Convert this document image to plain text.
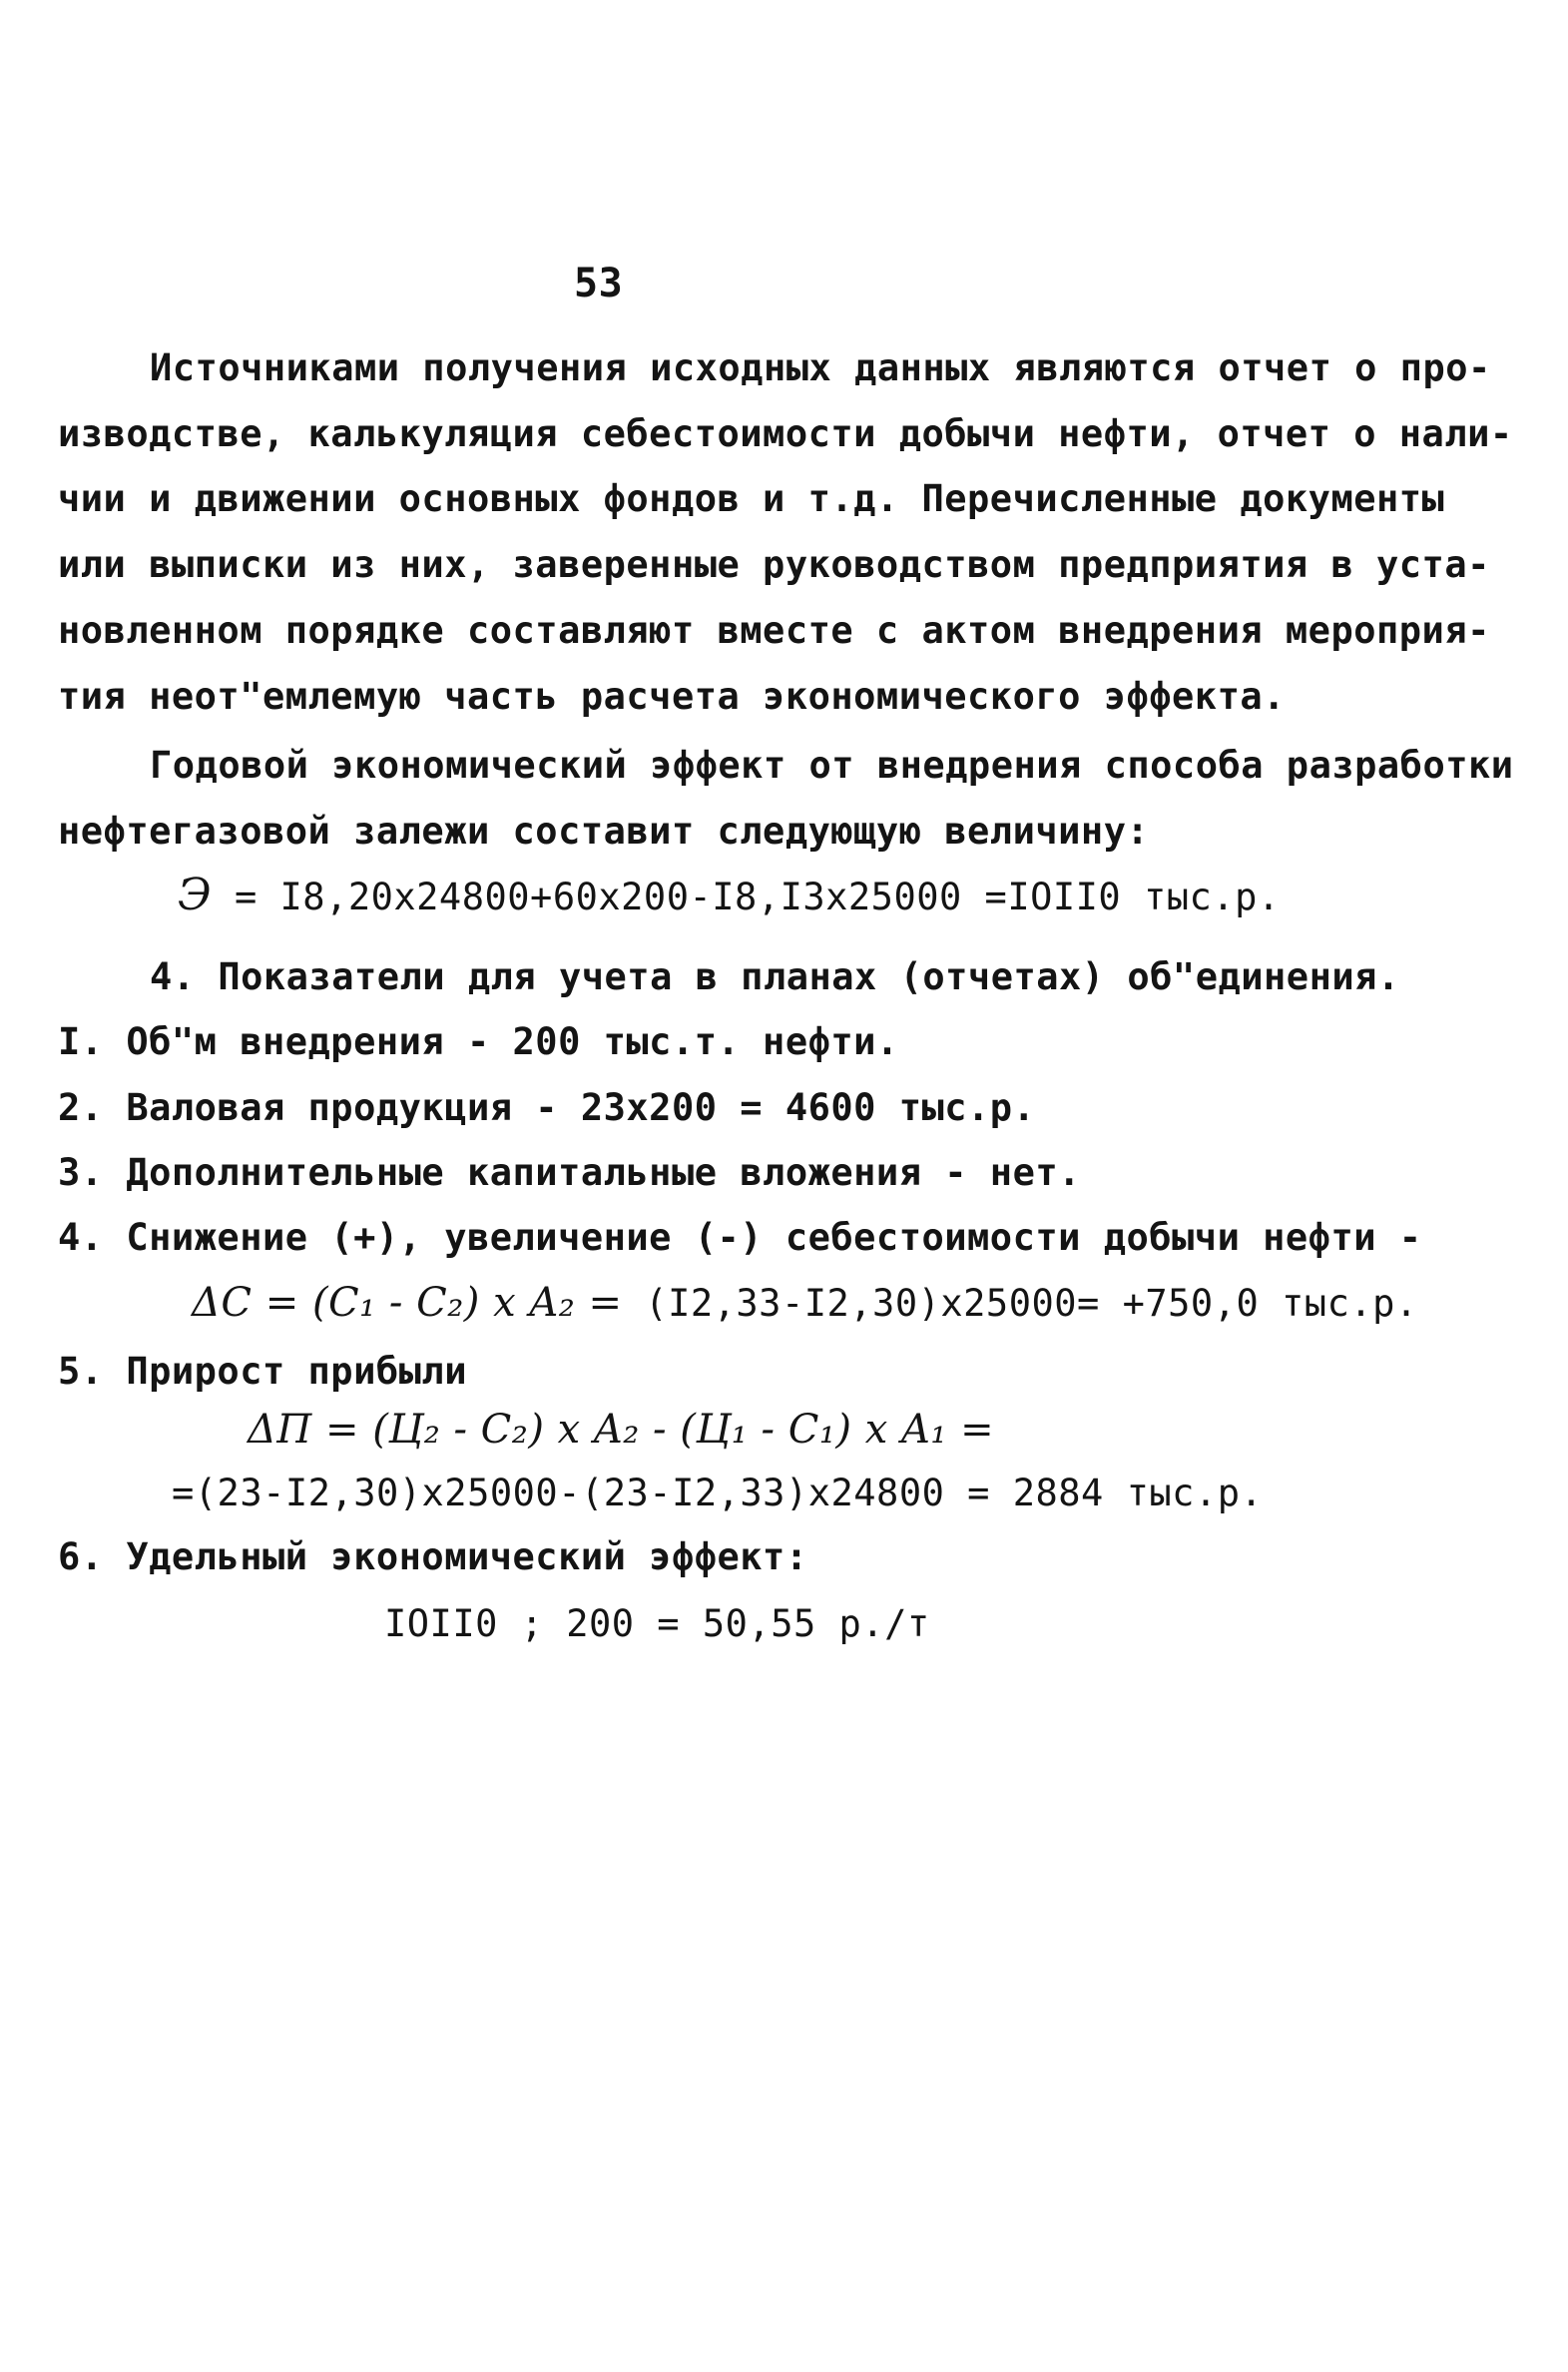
53
Источниками получения исходных данных являются отчет о про-
изводстве, калькуляция себестоимости добычи нефти, отчет о нали-
чии и движении основных фондов и т.д. Перечисленные документы
или выписки из них, заверенные руководством предприятия в уста-
новленном порядке составляют вместе с актом внедрения мероприя-
тия неот"емлемую часть расчета экономического эффекта.
Годовой экономический эффект от внедрения способа разработки
нефтегазовой залежи составит следующую величину:
Э = I8,20x24800+60x200-I8,I3x25000 =IOII0 тыс.р.
4. Показатели для учета в планах (отчетах) об"единения.
I. Об"м внедрения - 200 тыс.т. нефти.
2. Валовая продукция - 23x200 = 4600 тыс.р.
3. Дополнительные капитальные вложения - нет.
4. Снижение (+), увеличение (-) себестоимости добычи нефти -
ΔC = (C₁ - C₂) x A₂ = (I2,33-I2,30)x25000= +750,0 тыс.р.
5. Прирост прибыли
ΔП = (Ц₂ - C₂) x A₂ - (Ц₁ - C₁) x A₁ =
=(23-I2,30)x25000-(23-I2,33)x24800 = 2884 тыс.р.
6. Удельный экономический эффект:
IOII0 ; 200 = 50,55 р./т
